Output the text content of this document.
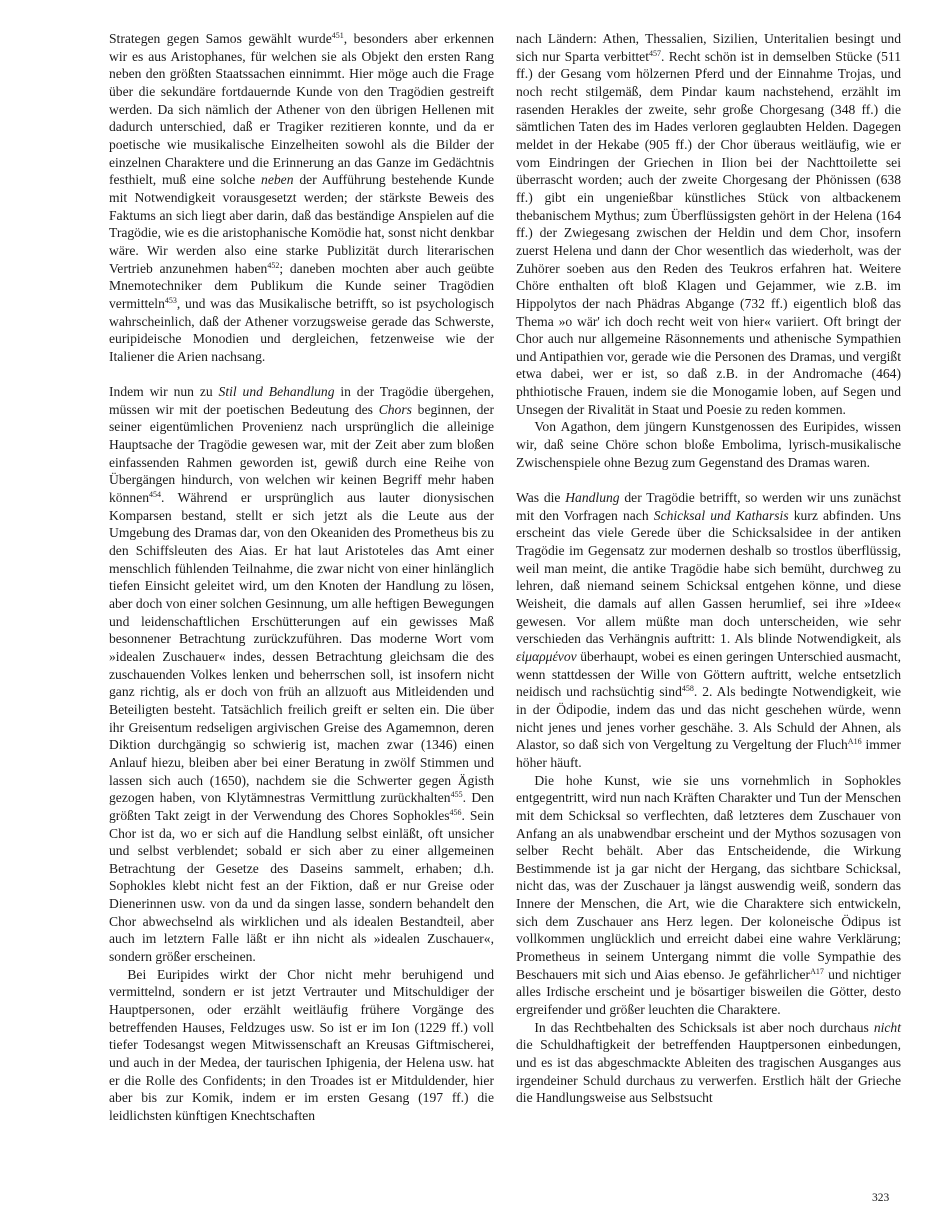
Strategen gegen Samos gewählt wurde$^{451}$, besonders aber erkennen wir es aus Aristophanes, für welchen sie als Objekt den ersten Rang neben den größten Staatssachen einnimmt. Hier möge auch die Frage über die sekundäre fortdauernde Kunde von den Tragödien gestreift werden. Da sich nämlich der Athener von den übrigen Hellenen mit dadurch unterschied, daß er Tragiker rezitieren konnte, und da er poetische wie musikalische Einzelheiten sowohl als die Bilder der einzelnen Charaktere und die Erinnerung an das Ganze im Gedächtnis festhielt, muß eine solche neben der Aufführung bestehende Kunde mit Notwendigkeit vorausgesetzt werden; der stärkste Beweis des Faktums an sich liegt aber darin, daß das beständige Anspielen auf die Tragödie, wie es die aristophanische Komödie hat, sonst nicht denkbar wäre. Wir werden also eine starke Publizität durch literarischen Vertrieb anzunehmen haben$^{452}$; daneben mochten aber auch geübte Mnemotechniker dem Publikum die Kunde seiner Tragödien vermitteln$^{453}$, und was das Musikalische betrifft, so ist psychologisch wahrscheinlich, daß der Athener vorzugsweise gerade das Schwerste, euripideische Monodien und dergleichen, fetzenweise wie der Italiener die Arien nachsang.

Indem wir nun zu Stil und Behandlung in der Tragödie übergehen, müssen wir mit der poetischen Bedeutung des Chors beginnen, der seiner eigentümlichen Provenienz nach ursprünglich die alleinige Hauptsache der Tragödie gewesen war, mit der Zeit aber zum bloßen einfassenden Rahmen geworden ist, gewiß durch eine Reihe von Übergängen hindurch, von welchen wir keinen Begriff mehr haben können$^{454}$. Während er ursprünglich aus lauter dionysischen Komparsen bestand, stellt er sich jetzt als die Leute aus der Umgebung des Dramas dar, von den Okeaniden des Prometheus bis zu den Schiffsleuten des Aias. Er hat laut Aristoteles das Amt einer menschlich fühlenden Teilnahme, die zwar nicht von einer hinlänglich tiefen Einsicht geleitet wird, um den Knoten der Handlung zu lösen, aber doch von einer solchen Gesinnung, um alle heftigen Bewegungen und leidenschaftlichen Erschütterungen auf ein gewisses Maß besonnener Betrachtung zurückzuführen. Das moderne Wort vom »idealen Zuschauer« indes, dessen Betrachtung gleichsam die des zuschauenden Volkes lenken und beherrschen soll, ist insofern nicht ganz richtig, als er doch von früh an allzuoft aus Mitleidenden und Beteiligten besteht. Tatsächlich freilich greift er selten ein. Die über ihr Greisentum redseligen argivischen Greise des Agamemnon, deren Diktion durchgängig so schwierig ist, machen zwar (1346) einen Anlauf hiezu, bleiben aber bei einer Beratung in zwölf Stimmen und lassen sich auch (1650), nachdem sie die Schwerter gegen Ägisth gezogen haben, von Klytämnestras Vermittlung zurückhalten$^{455}$. Den größten Takt zeigt in der Verwendung des Chores Sophokles$^{456}$. Sein Chor ist da, wo er sich auf die Handlung selbst einläßt, oft unsicher und selbst verblendet; sobald er sich aber zu einer allgemeinen Betrachtung der Gesetze des Daseins sammelt, erhaben; d.h. Sophokles klebt nicht fest an der Fiktion, daß er nur Greise oder Dienerinnen usw. von da und da singen lasse, sondern behandelt den Chor abwechselnd als wirklichen und als idealen Bestandteil, aber auch im letztern Falle läßt er ihn nicht als »idealen Zuschauer«, sondern größer erscheinen.

Bei Euripides wirkt der Chor nicht mehr beruhigend und vermittelnd, sondern er ist jetzt Vertrauter und Mitschuldiger der Hauptpersonen, oder erzählt weitläufig frühere Vorgänge des betreffenden Hauses, Feldzuges usw. So ist er im Ion (1229 ff.) voll tiefer Todesangst wegen Mitwissenschaft an Kreusas Giftmischerei, und auch in der Medea, der taurischen Iphigenia, der Helena usw. hat er die Rolle des Confidents; in den Troades ist er Mitduldender, hier aber bis zur Komik, indem er im ersten Gesang (197 ff.) die leidlichsten künftigen Knechtschaften

nach Ländern: Athen, Thessalien, Sizilien, Unteritalien besingt und sich nur Sparta verbittet$^{457}$. Recht schön ist in demselben Stücke (511 ff.) der Gesang vom hölzernen Pferd und der Einnahme Trojas, und noch recht stilgemäß, dem Pindar kaum nachstehend, erzählt im rasenden Herakles der zweite, sehr große Chorgesang (348 ff.) die sämtlichen Taten des im Hades verloren geglaubten Helden. Dagegen meldet in der Hekabe (905 ff.) der Chor überaus weitläufig, wie er vom Eindringen der Griechen in Ilion bei der Nachttoilette sei überrascht worden; auch der zweite Chorgesang der Phönissen (638 ff.) gibt ein ungenießbar künstliches Stück von altbackenem thebanischem Mythus; zum Überflüssigsten gehört in der Helena (164 ff.) der Zwiegesang zwischen der Heldin und dem Chor, insofern zuerst Helena und dann der Chor wesentlich das wiederholt, was der Zuhörer soeben aus den Reden des Teukros erfahren hat. Weitere Chöre enthalten oft bloß Klagen und Gejammer, wie z.B. im Hippolytos der nach Phädras Abgange (732 ff.) eigentlich bloß das Thema »o wär' ich doch recht weit von hier« variiert. Oft bringt der Chor auch nur allgemeine Räsonnements und athenische Sympathien und Antipathien vor, gerade wie die Personen des Dramas, und vergißt etwa dabei, wer er ist, so daß z.B. in der Andromache (464) phthiotische Frauen, indem sie die Monogamie loben, auf Segen und Unsegen der Rivalität in Staat und Poesie zu reden kommen.

Von Agathon, dem jüngern Kunstgenossen des Euripides, wissen wir, daß seine Chöre schon bloße Embolima, lyrisch-musikalische Zwischenspiele ohne Bezug zum Gegenstand des Dramas waren.

Was die Handlung der Tragödie betrifft, so werden wir uns zunächst mit den Vorfragen nach Schicksal und Katharsis kurz abfinden. Uns erscheint das viele Gerede über die Schicksalsidee in der antiken Tragödie im Gegensatz zur modernen deshalb so trostlos überflüssig, weil man meint, die antike Tragödie habe sich bemüht, durchweg zu lehren, daß niemand seinem Schicksal entgehen könne, und diese Weisheit, die damals auf allen Gassen herumlief, sei ihre »Idee« gewesen. Vor allem müßte man doch unterscheiden, wie sehr verschieden das Verhängnis auftritt: 1. Als blinde Notwendigkeit, als εἱμαρμένον überhaupt, wobei es einen geringen Unterschied ausmacht, wenn stattdessen der Wille von Göttern auftritt, welche entsetzlich neidisch und rachsüchtig sind$^{458}$. 2. Als bedingte Notwendigkeit, wie in der Ödipodie, indem das und das nicht geschehen würde, wenn nicht jenes und jenes vorher geschähe. 3. Als Schuld der Ahnen, als Alastor, so daß sich von Vergeltung zu Vergeltung der Fluch$^{A16}$ immer höher häuft.

Die hohe Kunst, wie sie uns vornehmlich in Sophokles entgegentritt, wird nun nach Kräften Charakter und Tun der Menschen mit dem Schicksal so verflechten, daß letzteres dem Zuschauer von Anfang an als unabwendbar erscheint und der Mythos sozusagen von selber Recht behält. Aber das Entscheidende, die Wirkung Bestimmende ist ja gar nicht der Hergang, das sichtbare Schicksal, nicht das, was der Zuschauer ja längst auswendig weiß, sondern das Innere der Menschen, die Art, wie die Charaktere sich entwickeln, sich dem Zuschauer ans Herz legen. Der koloneische Ödipus ist vollkommen unglücklich und erreicht dabei eine wahre Verklärung; Prometheus in seinem Untergang nimmt die volle Sympathie des Beschauers mit sich und Aias ebenso. Je gefährlicher$^{A17}$ und nichtiger alles Irdische erscheint und je bösartiger bisweilen die Götter, desto ergreifender und größer leuchten die Charaktere.

In das Rechtbehalten des Schicksals ist aber noch durchaus nicht die Schuldhaftigkeit der betreffenden Hauptpersonen einbedungen, und es ist das abgeschmackte Ableiten des tragischen Ausganges aus irgendeiner Schuld durchaus zu verwerfen. Erstlich hält der Grieche die Handlungsweise aus Selbstsucht

323
